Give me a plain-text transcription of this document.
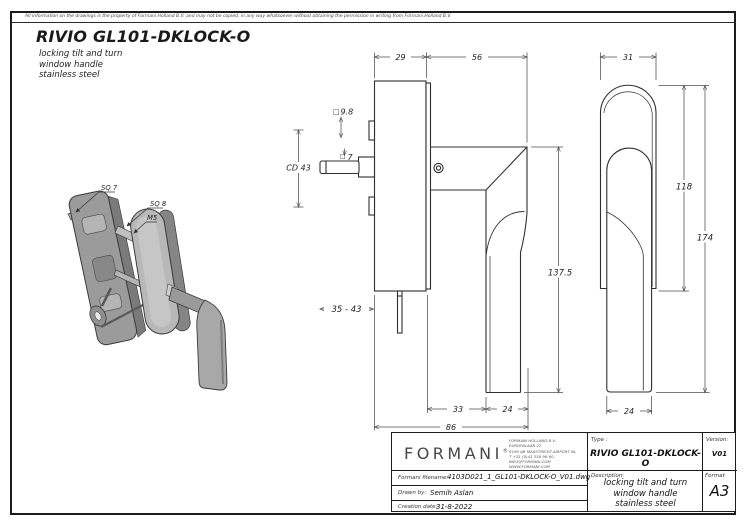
All information on the drawings is the property of Formani Holland B.V. and may not be copied, in any way whatsoever without obtaining the permission in writing from Formani Holland B.V.
RIVIO GL101-DKLOCK-O
locking tilt and turn
window handle
stainless steel
SQ 7
SQ 8
M5
29	56
□ 9.8
□ 7
CD 43
137.5
35 - 43
33	24
86
31
118
174
24
FORMANI®
FORMANI HOLLAND B.V.
EUROPALAAN 22
6199 AB MAASTRICHT-AIRPORT NL
T +31 (0)43 358 98 60
INFO@FORMANI.COM
WWW.FORMANI.COM
Type :
RIVIO GL101-DKLOCK-O
Version:
V01
Formani filename:
4103D021_1_GL101-DKLOCK-O_V01.dwg
Drawn by: Semih Aslan
Creation date:
31-8-2022
Description:
locking tilt and turn
window handle
stainless steel
Format
A3
